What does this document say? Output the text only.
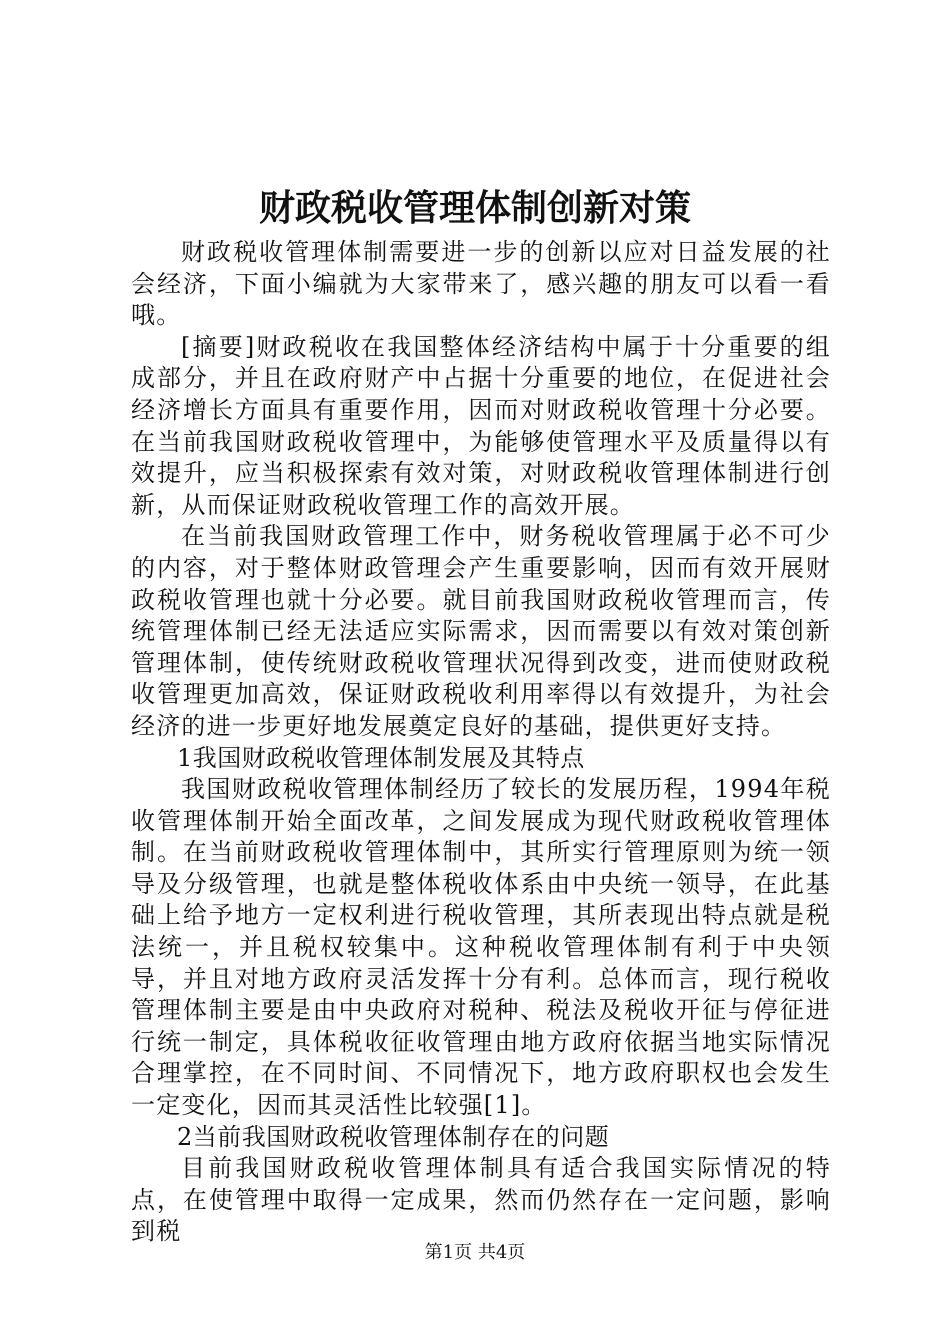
财政税收管理体制创新对策

财政税收管理体制需要进一步的创新以应对日益发展的社会经济，下面小编就为大家带来了，感兴趣的朋友可以看一看哦。

[摘要]财政税收在我国整体经济结构中属于十分重要的组成部分，并且在政府财产中占据十分重要的地位，在促进社会经济增长方面具有重要作用，因而对财政税收管理十分必要。在当前我国财政税收管理中，为能够使管理水平及质量得以有效提升，应当积极探索有效对策，对财政税收管理体制进行创新，从而保证财政税收管理工作的高效开展。

在当前我国财政管理工作中，财务税收管理属于必不可少的内容，对于整体财政管理会产生重要影响，因而有效开展财政税收管理也就十分必要。就目前我国财政税收管理而言，传统管理体制已经无法适应实际需求，因而需要以有效对策创新管理体制，使传统财政税收管理状况得到改变，进而使财政税收管理更加高效，保证财政税收利用率得以有效提升，为社会经济的进一步更好地发展奠定良好的基础，提供更好支持。

1我国财政税收管理体制发展及其特点

我国财政税收管理体制经历了较长的发展历程，1994年税收管理体制开始全面改革，之间发展成为现代财政税收管理体制。在当前财政税收管理体制中，其所实行管理原则为统一领导及分级管理，也就是整体税收体系由中央统一领导，在此基础上给予地方一定权利进行税收管理，其所表现出特点就是税法统一，并且税权较集中。这种税收管理体制有利于中央领导，并且对地方政府灵活发挥十分有利。总体而言，现行税收管理体制主要是由中央政府对税种、税法及税收开征与停征进行统一制定，具体税收征收管理由地方政府依据当地实际情况合理掌控，在不同时间、不同情况下，地方政府职权也会发生一定变化，因而其灵活性比较强[1]。

2当前我国财政税收管理体制存在的问题

目前我国财政税收管理体制具有适合我国实际情况的特点，在使管理中取得一定成果，然而仍然存在一定问题，影响到税

第1页 共4页
